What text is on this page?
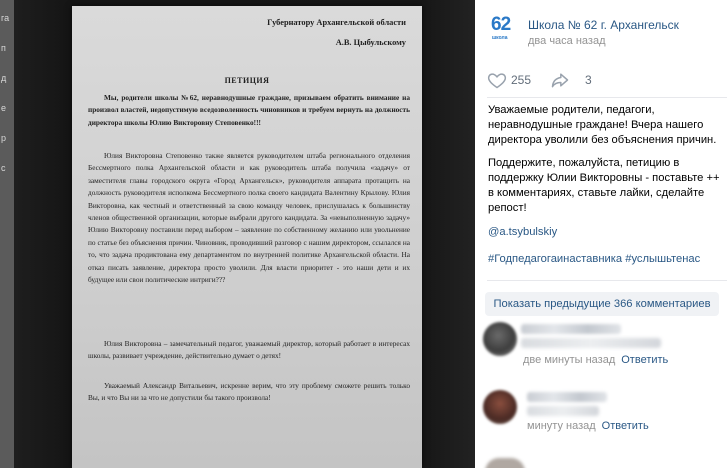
га
п
д
е
р
с
Губернатору Архангельской области
А.В. Цыбульскому
ПЕТИЦИЯ
Мы, родители школы №62, неравнодушные граждане, призываем обратить внимание на произвол властей, недопустимую вседозволенность чиновников и требуем вернуть на должность директора школы Юлию Викторовну Степовенко!!!
Юлия Викторовна Степовенко также является руководителем штаба регионального отделения Бессмертного полка Архангельской области и как руководитель штаба получила «задачу» от заместителя главы городского округа «Город Архангельск», руководителя аппарата протащить на должность руководителя исполкома Бессмертного полка своего кандидата Валентину Крылову. Юлия Викторовна, как честный и ответственный за свою команду человек, прислушалась к большинству членов общественной организации, которые выбрали другого кандидата. За «невыполненную задачу» Юлию Викторовну поставили перед выбором – заявление по собственному желанию или увольнение по статье без объяснения причин. Чиновник, проводивший разговор с нашим директором, ссылался на то, что задача продиктована ему департаментом по внутренней политике Архангельской области. На отказ писать заявление, директора просто уволили. Для власти приоритет - это наши дети и их будущее или свои политические интриги???
Юлия Викторовна – замечательный педагог, уважаемый директор, который работает в интересах школы, развивает учреждение, действительно думает о детях!
Уважаемый Александр Витальевич, искренне верим, что эту проблему сможете решить только Вы, и что Вы ни за что не допустили бы такого произвола!
62
школа
Школа № 62 г. Архангельск
два часа назад
255	3

Уважаемые родители, педагоги, неравнодушные граждане! Вчера нашего директора уволили без объяснения причин.

Поддержите, пожалуйста, петицию в поддержку Юлии Викторовны - поставьте ++ в комментариях, ставьте лайки, сделайте репост!

@a.tsybulskiy
#Годпедагогаинаставника #услышьтенас
Показать предыдущие 366 комментариев
две минуты назад Ответить
минуту назад Ответить
